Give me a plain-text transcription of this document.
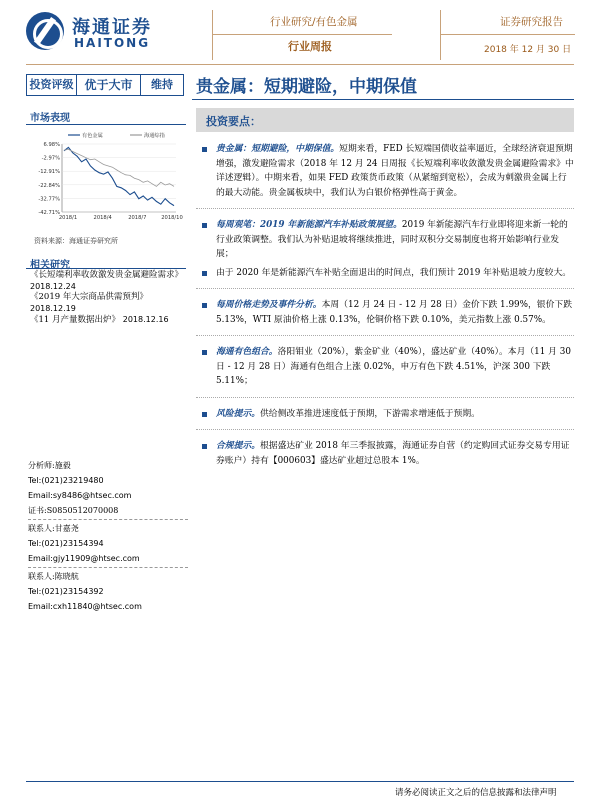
海通证券
HAITONG
行业研究/有色金属
行业周报
证券研究报告
2018 年 12 月 30 日
投资评级 优于大市	维持	贵金属：短期避险，中期保值
市场表现
6.98%
-2.97%
-12.91%
-22.84%
-32.77%
-42.71%
2018/1	2018/4	2018/7	2018/10
有色金属	海通综指
资料来源：海通证券研究所
相关研究
《长短端利率收敛激发贵金属避险需求》
2018.12.24
《2019 年大宗商品供需预判》
2018.12.19
《11 月产量数据出炉》 2018.12.16
分析师:施毅
Tel:(021)23219480
Email:sy8486@htsec.com
证书:S0850512070008
联系人:甘嘉尧
Tel:(021)23154394
Email:gjy11909@htsec.com
联系人:陈晓航
Tel:(021)23154392
Email:cxh11840@htsec.com
投资要点：
贵金属：短期避险，中期保值。短期来看，FED 长短端国债收益率逼近，全球经济衰退预期增强，激发避险需求（2018 年 12 月 24 日周报《长短端利率收敛激发贵金属避险需求》中详述逻辑）。中期来看，如果 FED 政策货币政策（从紧缩到宽松），会成为刺激贵金属上行的最大动能。贵金属板块中，我们认为白银价格弹性高于黄金。
每周观笔：2019 年新能源汽车补贴政策展望。2019 年新能源汽车行业即将迎来新一轮的行业政策调整。我们认为补贴退坡将继续推进，同时双积分交易制度也将开始影响行业发展；
由于 2020 年是新能源汽车补贴全面退出的时间点，我们预计 2019 年补贴退坡力度较大。
每周价格走势及事件分析。本周（12 月 24 日 - 12 月 28 日）金价下跌 1.99%，银价下跌 5.13%，WTI 原油价格上涨 0.13%，伦铜价格下跌 0.10%，美元指数上涨 0.57%。
海通有色组合。洛阳钼业（20%），紫金矿业（40%），盛达矿业（40%）。本月（11 月 30 日 - 12 月 28 日）海通有色组合上涨 0.02%，申万有色下跌 4.51%，沪深 300 下跌 5.11%；
风险提示。供给侧改革推进速度低于预期，下游需求增速低于预期。
合规提示。根据盛达矿业 2018 年三季报披露，海通证券自营（约定购回式证券交易专用证券账户）持有【000603】盛达矿业超过总股本 1%。
请务必阅读正文之后的信息披露和法律声明
